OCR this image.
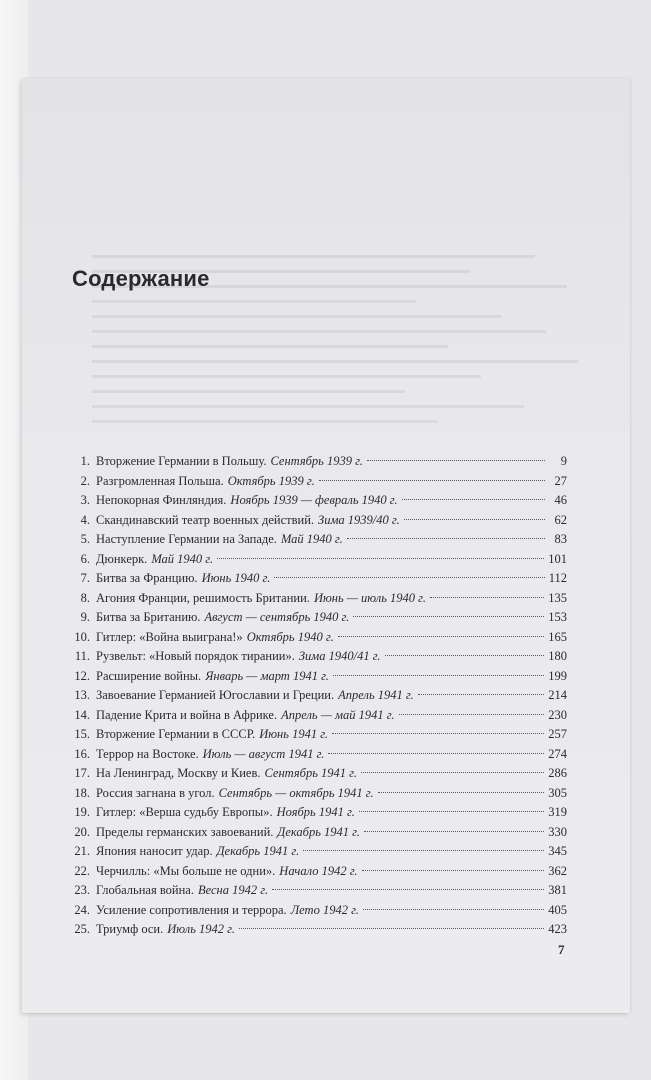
Содержание
1. Вторжение Германии в Польшу. Сентябрь 1939 г.	9
2. Разгромленная Польша. Октябрь 1939 г.	27
3. Непокорная Финляндия. Ноябрь 1939 — февраль 1940 г.	46
4. Скандинавский театр военных действий. Зима 1939/40 г.	62
5. Наступление Германии на Западе. Май 1940 г.	83
6. Дюнкерк. Май 1940 г.	101
7. Битва за Францию. Июнь 1940 г.	112
8. Агония Франции, решимость Британии. Июнь — июль 1940 г.	135
9. Битва за Британию. Август — сентябрь 1940 г.	153
10. Гитлер: «Война выиграна!» Октябрь 1940 г.	165
11. Рузвельт: «Новый порядок тирании». Зима 1940/41 г.	180
12. Расширение войны. Январь — март 1941 г.	199
13. Завоевание Германией Югославии и Греции. Апрель 1941 г.	214
14. Падение Крита и война в Африке. Апрель — май 1941 г.	230
15. Вторжение Германии в СССР. Июнь 1941 г.	257
16. Террор на Востоке. Июль — август 1941 г.	274
17. На Ленинград, Москву и Киев. Сентябрь 1941 г.	286
18. Россия загнана в угол. Сентябрь — октябрь 1941 г.	305
19. Гитлер: «Верша судьбу Европы». Ноябрь 1941 г.	319
20. Пределы германских завоеваний. Декабрь 1941 г.	330
21. Япония наносит удар. Декабрь 1941 г.	345
22. Черчилль: «Мы больше не одни». Начало 1942 г.	362
23. Глобальная война. Весна 1942 г.	381
24. Усиление сопротивления и террора. Лето 1942 г.	405
25. Триумф оси. Июль 1942 г.	423
7
